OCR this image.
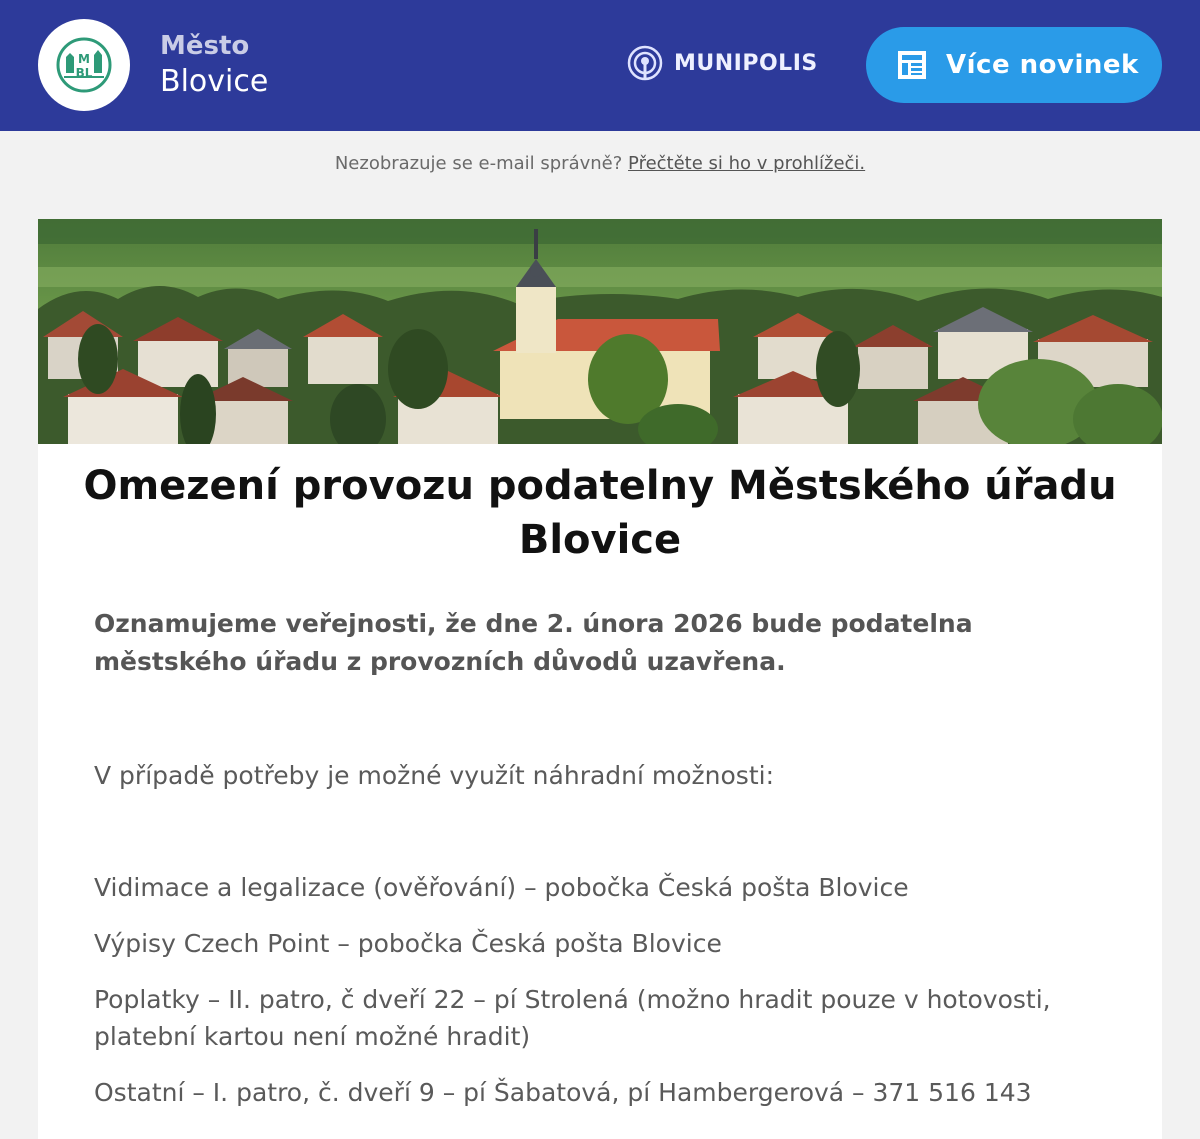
M
BL
Město
Blovice
MUNIPOLIS	Více novinek
Nezobrazuje se e-mail správně? Přečtěte si ho v prohlížeči.
Omezení provozu podatelny Městského úřadu Blovice

Oznamujeme veřejnosti, že dne 2. února 2026 bude podatelna městského úřadu z provozních důvodů uzavřena.

V případě potřeby je možné využít náhradní možnosti:

Vidimace a legalizace (ověřování) – pobočka Česká pošta Blovice

Výpisy Czech Point – pobočka Česká pošta Blovice

Poplatky – II. patro, č dveří 22 – pí Strolená (možno hradit pouze v hotovosti, platební kartou není možné hradit)

Ostatní – I. patro, č. dveří 9 – pí Šabatová, pí Hambergerová – 371 516 143
